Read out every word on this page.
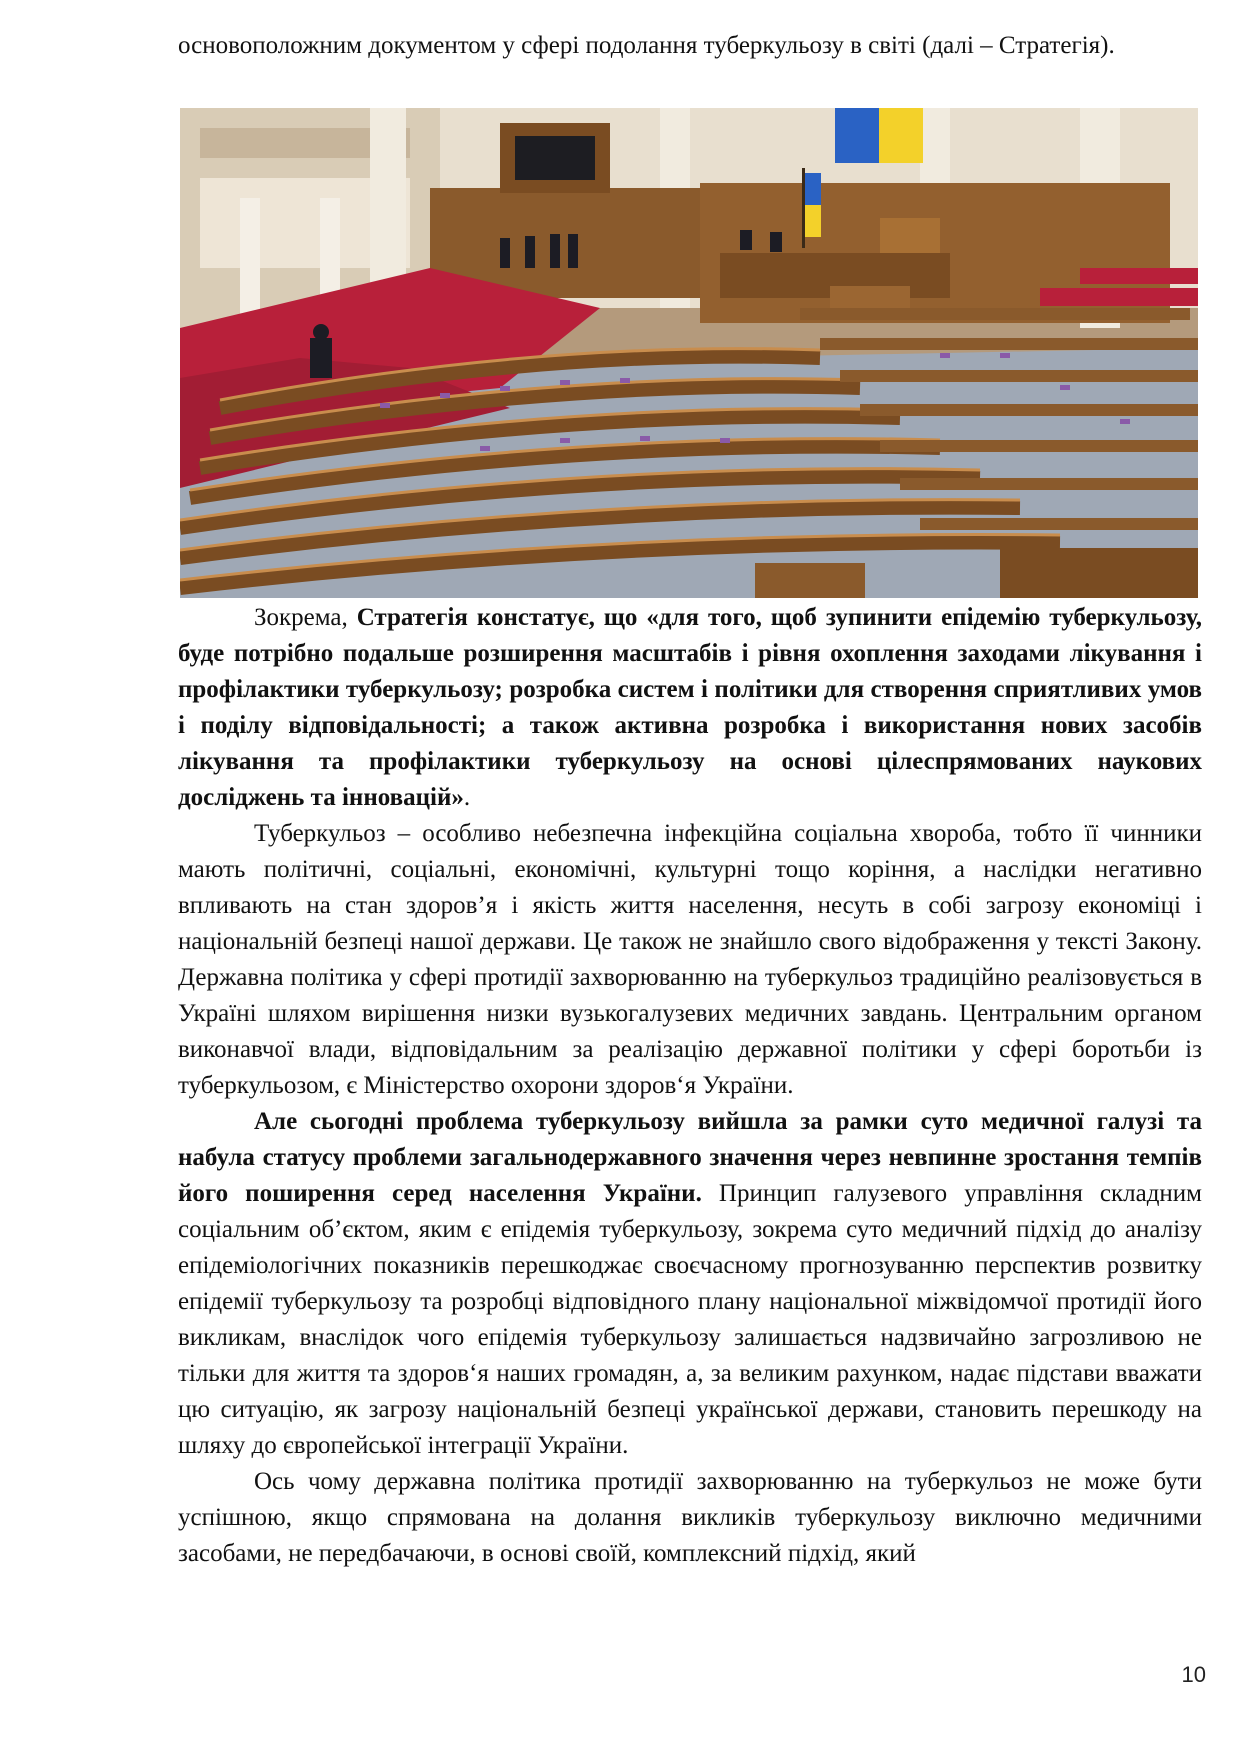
основоположним документом у сфері подолання туберкульозу в світі (далі – Стратегія).

Зокрема, Стратегія констатує, що «для того, щоб зупинити епідемію туберкульозу, буде потрібно подальше розширення масштабів і рівня охоплення заходами лікування і профілактики туберкульозу; розробка систем і політики для створення сприятливих умов і поділу відповідальності; а також активна розробка і використання нових засобів лікування та профілактики туберкульозу на основі цілеспрямованих наукових досліджень та інновацій».

Туберкульоз – особливо небезпечна інфекційна соціальна хвороба, тобто її чинники мають політичні, соціальні, економічні, культурні тощо коріння, а наслідки негативно впливають на стан здоров’я і якість життя населення, несуть в собі загрозу економіці і національній безпеці нашої держави. Це також не знайшло свого відображення у тексті Закону. Державна політика у сфері протидії захворюванню на туберкульоз традиційно реалізовується в Україні шляхом вирішення низки вузькогалузевих медичних завдань. Центральним органом виконавчої влади, відповідальним за реалізацію державної політики у сфері боротьби із туберкульозом, є Міністерство охорони здоров‘я України.

Але сьогодні проблема туберкульозу вийшла за рамки суто медичної галузі та набула статусу проблеми загальнодержавного значення через невпинне зростання темпів його поширення серед населення України. Принцип галузевого управління складним соціальним об’єктом, яким є епідемія туберкульозу, зокрема суто медичний підхід до аналізу епідеміологічних показників перешкоджає своєчасному прогнозуванню перспектив розвитку епідемії туберкульозу та розробці відповідного плану національної міжвідомчої протидії його викликам, внаслідок чого епідемія туберкульозу залишається надзвичайно загрозливою не тільки для життя та здоров‘я наших громадян, а, за великим рахунком, надає підстави вважати цю ситуацію, як загрозу національній безпеці української держави, становить перешкоду на шляху до європейської інтеграції України.

Ось чому державна політика протидії захворюванню на туберкульоз не може бути успішною, якщо спрямована на долання викликів туберкульозу виключно медичними засобами, не передбачаючи, в основі своїй, комплексний підхід, який

10
